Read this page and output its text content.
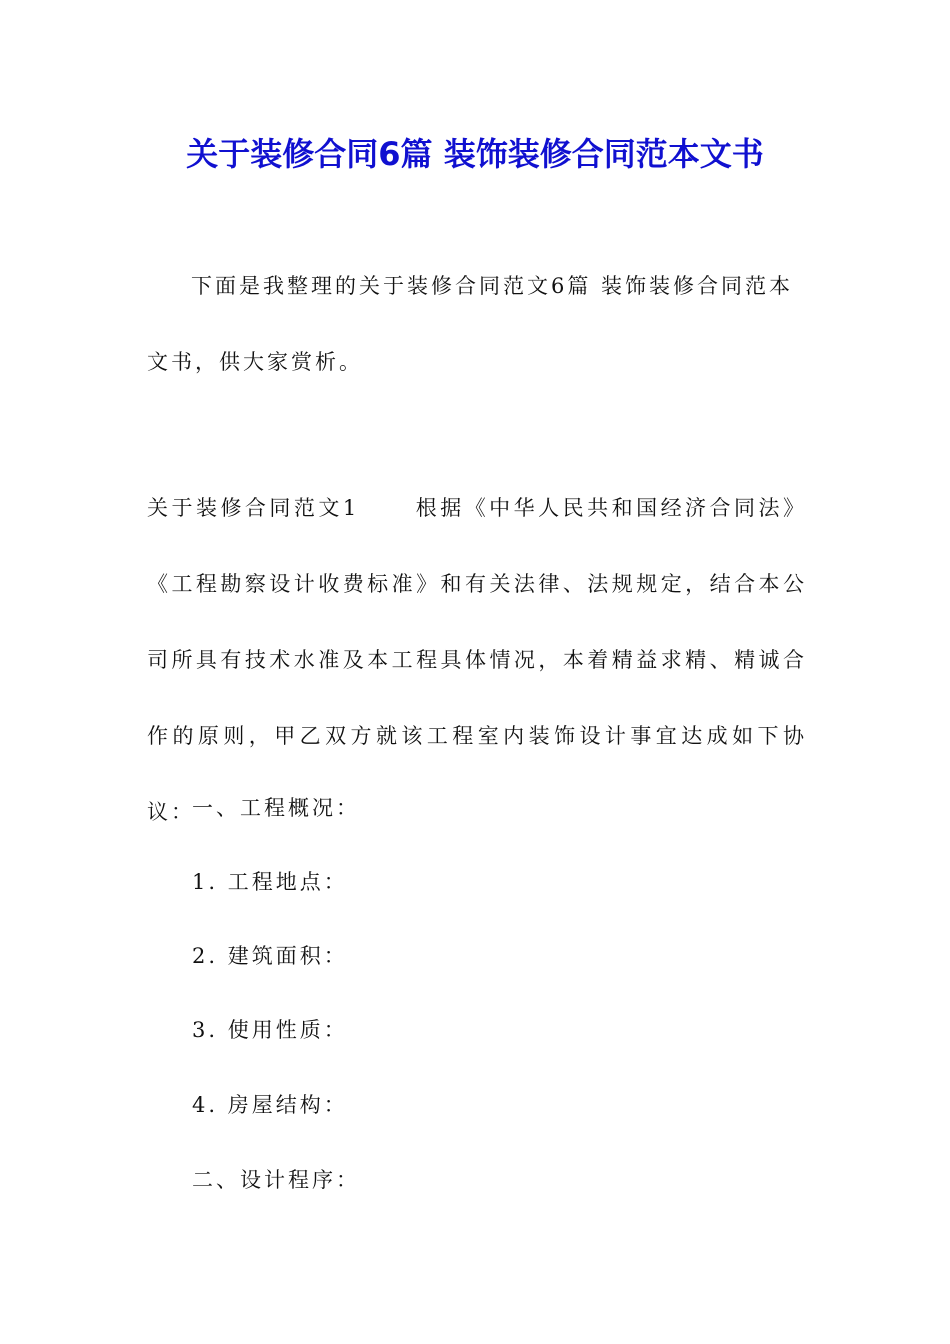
关于装修合同6篇 装饰装修合同范本文书

下面是我整理的关于装修合同范文6篇 装饰装修合同范本文书，供大家赏析。

关于装修合同范文1	根据《中华人民共和国经济合同法》《工程勘察设计收费标准》和有关法律、法规规定，结合本公司所具有技术水准及本工程具体情况，本着精益求精、精诚合作的原则，甲乙双方就该工程室内装饰设计事宜达成如下协议：

一、工程概况：

1. 工程地点：

2. 建筑面积：

3. 使用性质：

4. 房屋结构：

二、设计程序：
